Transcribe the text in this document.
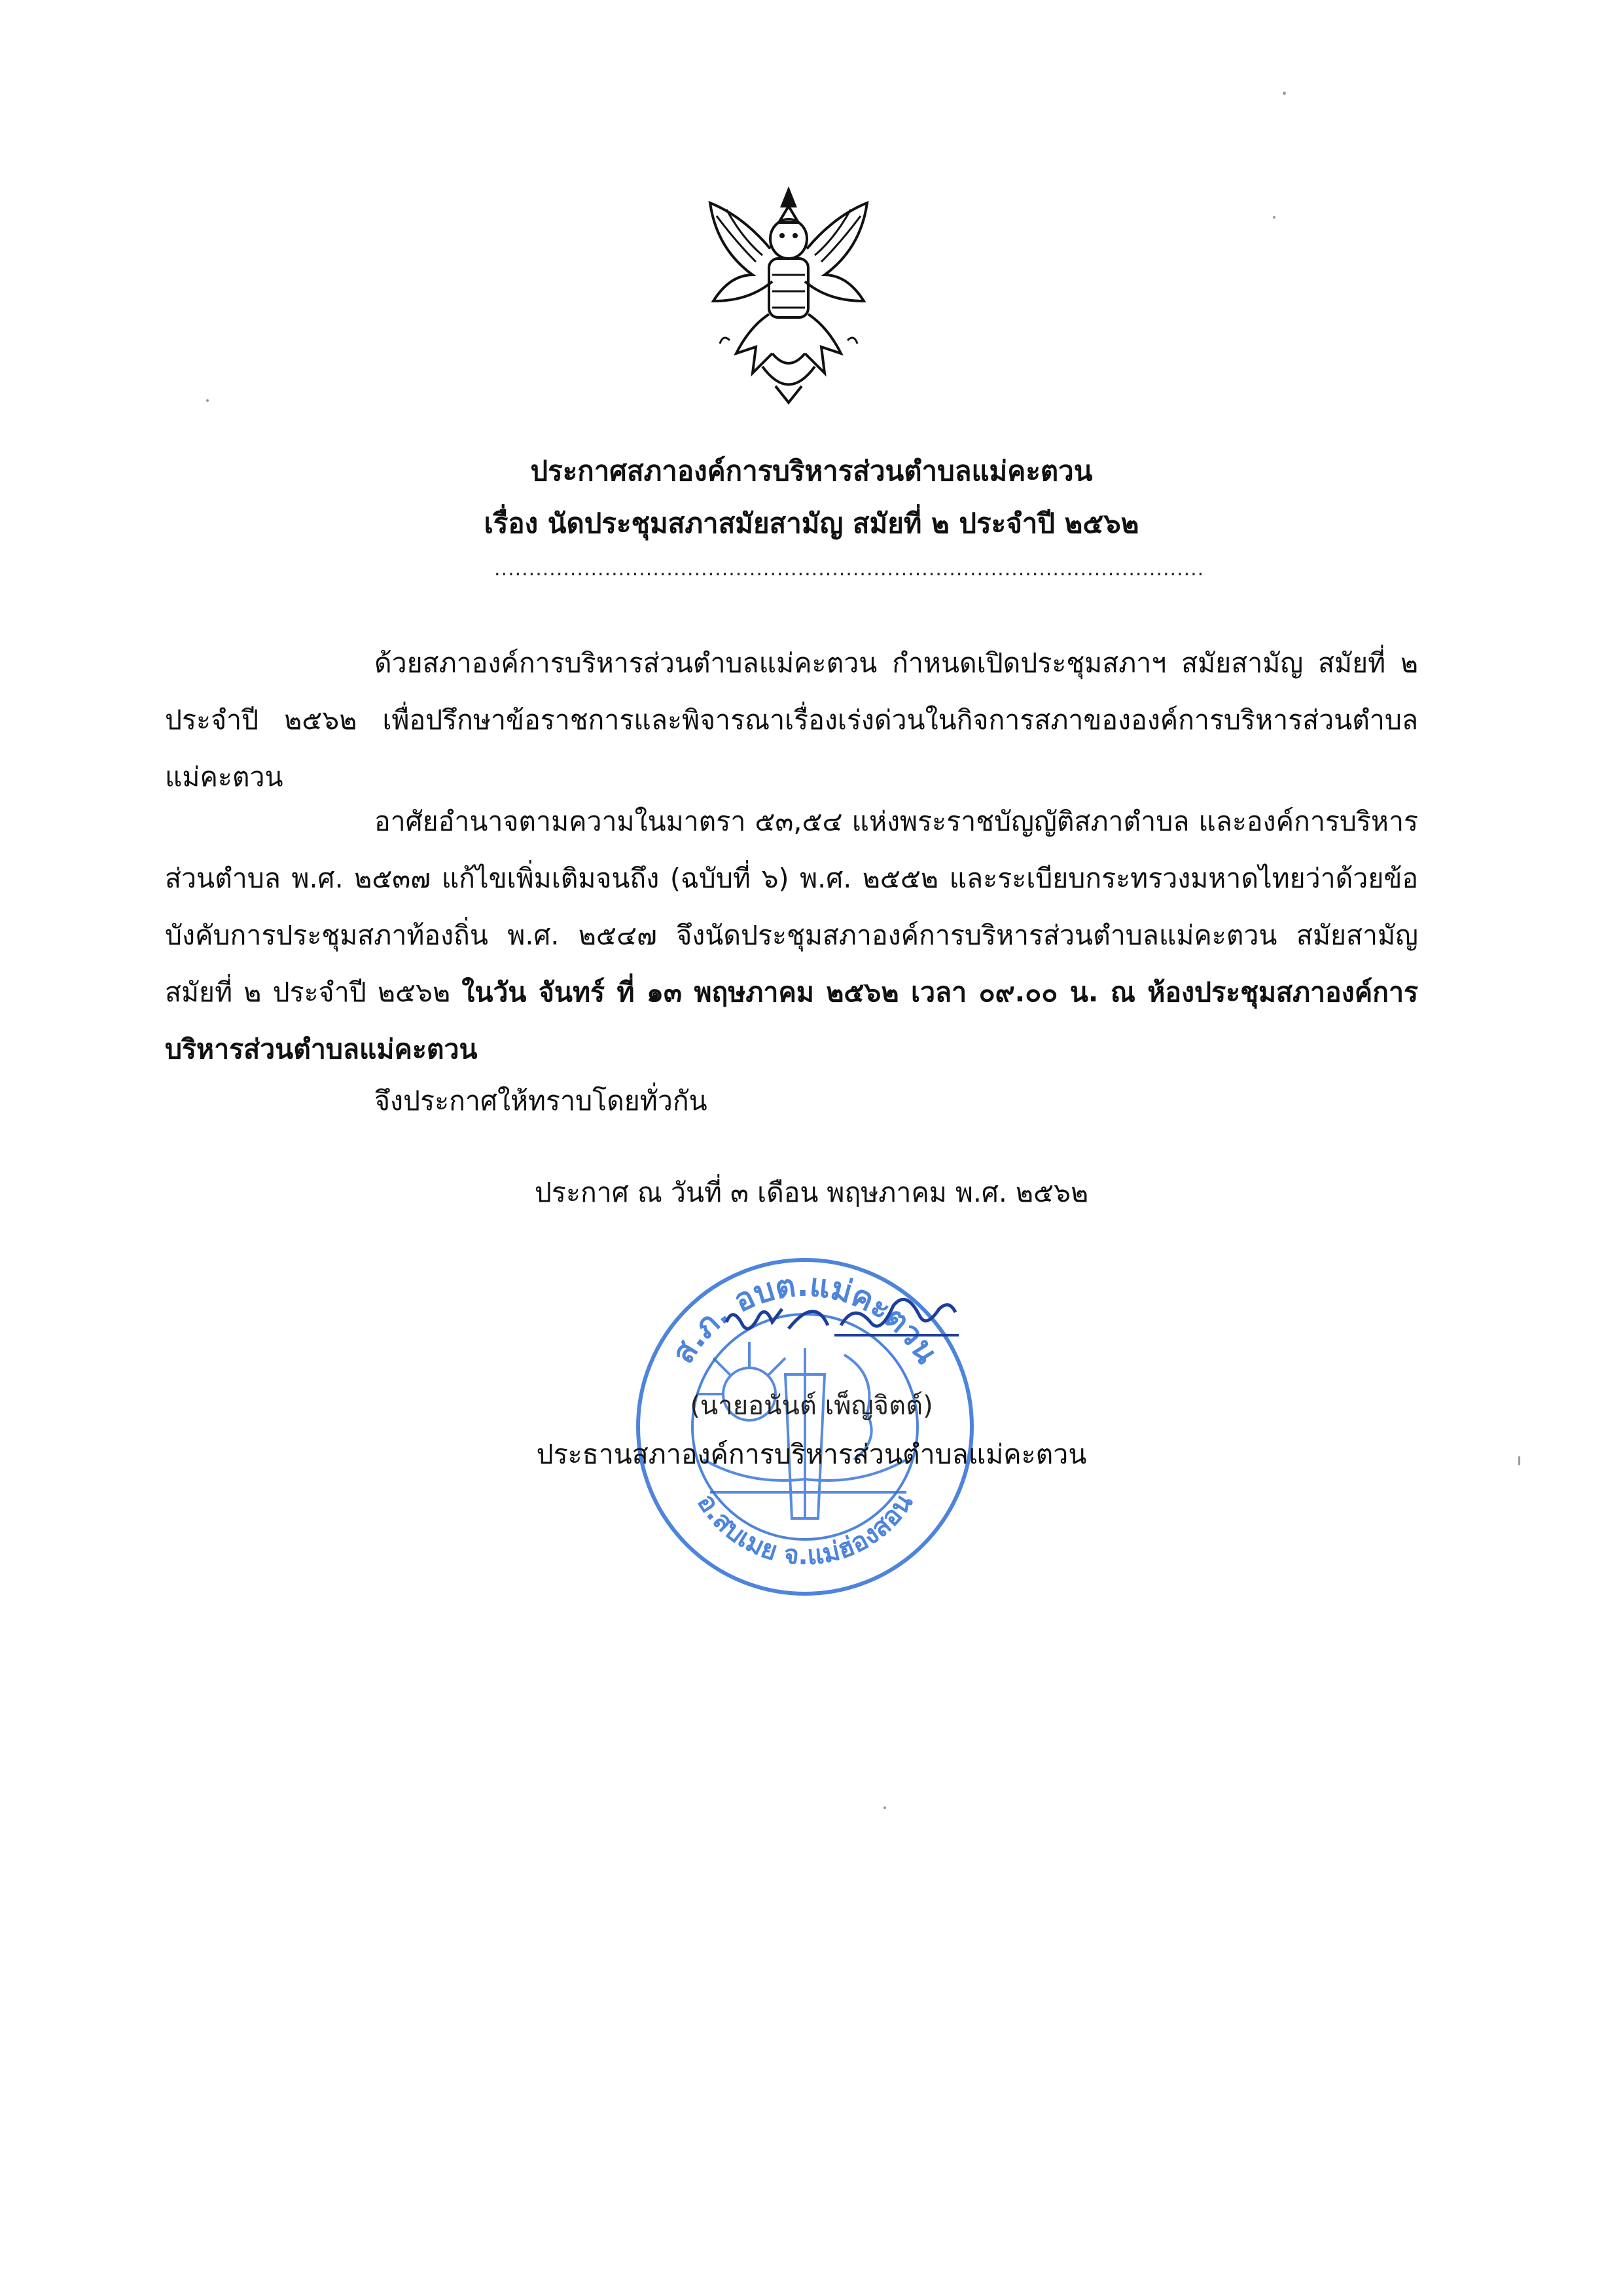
ประกาศสภาองค์การบริหารส่วนตำบลแม่คะตวน
เรื่อง นัดประชุมสภาสมัยสามัญ สมัยที่ ๒ ประจำปี ๒๕๖๒
.......................................................................................................

ด้วยสภาองค์การบริหารส่วนตำบลแม่คะตวน กำหนดเปิดประชุมสภาฯ สมัยสามัญ สมัยที่ ๒ ประจำปี ๒๕๖๒ เพื่อปรึกษาข้อราชการและพิจารณาเรื่องเร่งด่วนในกิจการสภาขององค์การบริหารส่วนตำบลแม่คะตวน

อาศัยอำนาจตามความในมาตรา ๕๓,๕๔ แห่งพระราชบัญญัติสภาตำบล และองค์การบริหารส่วนตำบล พ.ศ. ๒๕๓๗ แก้ไขเพิ่มเติมจนถึง (ฉบับที่ ๖) พ.ศ. ๒๕๕๒ และระเบียบกระทรวงมหาดไทยว่าด้วยข้อบังคับการประชุมสภาท้องถิ่น พ.ศ. ๒๕๔๗ จึงนัดประชุมสภาองค์การบริหารส่วนตำบลแม่คะตวน สมัยสามัญ สมัยที่ ๒ ประจำปี ๒๕๖๒ ในวัน จันทร์ ที่ ๑๓ พฤษภาคม ๒๕๖๒ เวลา ๐๙.๐๐ น. ณ ห้องประชุมสภาองค์การบริหารส่วนตำบลแม่คะตวน

จึงประกาศให้ทราบโดยทั่วกัน
ประกาศ ณ วันที่ ๓ เดือน พฤษภาคม พ.ศ. ๒๕๖๒
ส.ภ. อบต.แม่คะตวน
อ.สบเมย จ.แม่ฮ่องสอน
(นายอนันต์ เพ็ญจิตต์)
ประธานสภาองค์การบริหารส่วนตำบลแม่คะตวน
